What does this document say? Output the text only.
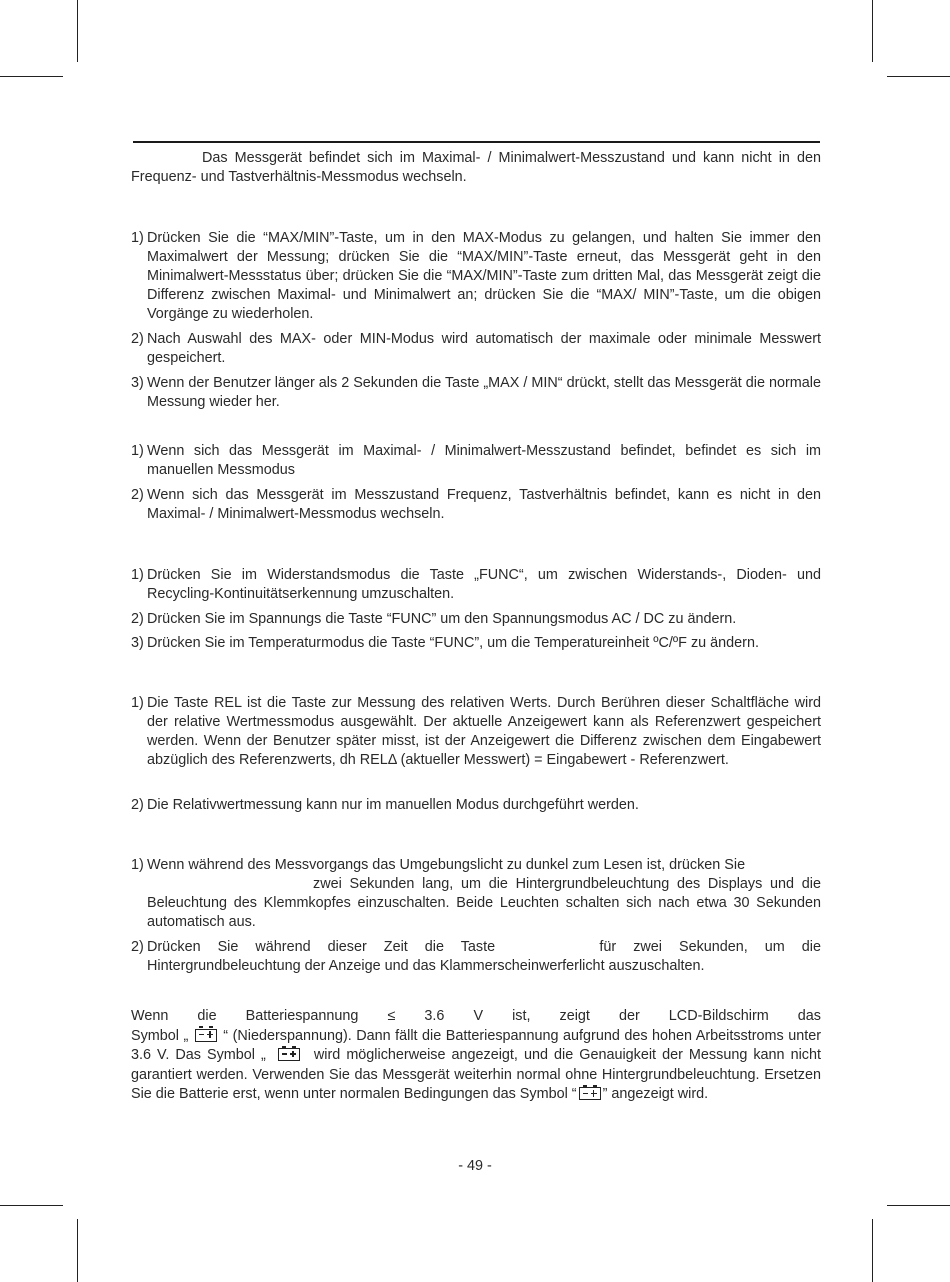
Das Messgerät befindet sich im Maximal- / Minimalwert-Messzustand und kann nicht in den Frequenz- und Tastverhältnis-Messmodus wechseln.
1) Drücken Sie die “MAX/MIN”-Taste, um in den MAX-Modus zu gelangen, und halten Sie immer den Maximalwert der Messung; drücken Sie die “MAX/MIN”-Taste erneut, das Messgerät geht in den Minimalwert-Messstatus über; drücken Sie die “MAX/MIN”-Taste zum dritten Mal, das Messgerät zeigt die Differenz zwischen Maximal- und Minimalwert an; drücken Sie die “MAX/ MIN”-Taste, um die obigen Vorgänge zu wiederholen.
2) Nach Auswahl des MAX- oder MIN-Modus wird automatisch der maximale oder minimale Messwert gespeichert.
3) Wenn der Benutzer länger als 2 Sekunden die Taste „MAX / MIN“ drückt, stellt das Messgerät die normale Messung wieder her.
1) Wenn sich das Messgerät im Maximal- / Minimalwert-Messzustand befindet, befindet es sich im manuellen Messmodus
2) Wenn sich das Messgerät im Messzustand Frequenz, Tastverhältnis befindet, kann es nicht in den Maximal- / Minimalwert-Messmodus wechseln.
1) Drücken Sie im Widerstandsmodus die Taste „FUNC“, um zwischen Widerstands-, Dioden- und Recycling-Kontinuitätserkennung umzuschalten.
2) Drücken Sie im Spannungs die Taste “FUNC” um den Spannungsmodus AC / DC zu ändern.
3) Drücken Sie im Temperaturmodus die Taste “FUNC”, um die Temperatureinheit ºC/ºF zu ändern.
1) Die Taste REL ist die Taste zur Messung des relativen Werts. Durch Berühren dieser Schaltfläche wird der relative Wertmessmodus ausgewählt. Der aktuelle Anzeigewert kann als Referenzwert gespeichert werden. Wenn der Benutzer später misst, ist der Anzeigewert die Differenz zwischen dem Eingabewert abzüglich des Referenzwerts, dh RELΔ (aktueller Messwert) = Eingabewert - Referenzwert.
2) Die Relativwertmessung kann nur im manuellen Modus durchgeführt werden.
1) Wenn während des Messvorgangs das Umgebungslicht zu dunkel zum Lesen ist, drücken Sie
zwei Sekunden lang, um die Hintergrundbeleuchtung des Displays und die Beleuchtung des Klemmkopfes einzuschalten. Beide Leuchten schalten sich nach etwa 30 Sekunden automatisch aus.
2) Drücken Sie während dieser Zeit die Taste	für zwei Sekunden, um die
Hintergrundbeleuchtung der Anzeige und das Klammerscheinwerferlicht auszuschalten.
Wenn die Batteriespannung ≤ 3.6 V ist, zeigt der LCD-Bildschirm das Symbol „ “ (Niederspannung). Dann fällt die Batteriespannung aufgrund des hohen Arbeitsstroms unter 3.6 V. Das Symbol „	wird möglicherweise angezeigt, und die Genauigkeit der Messung kann nicht garantiert werden. Verwenden Sie das Messgerät weiterhin normal ohne Hintergrundbeleuchtung. Ersetzen Sie die Batterie erst, wenn unter normalen Bedingungen das Symbol “ ” angezeigt wird.
- 49 -
